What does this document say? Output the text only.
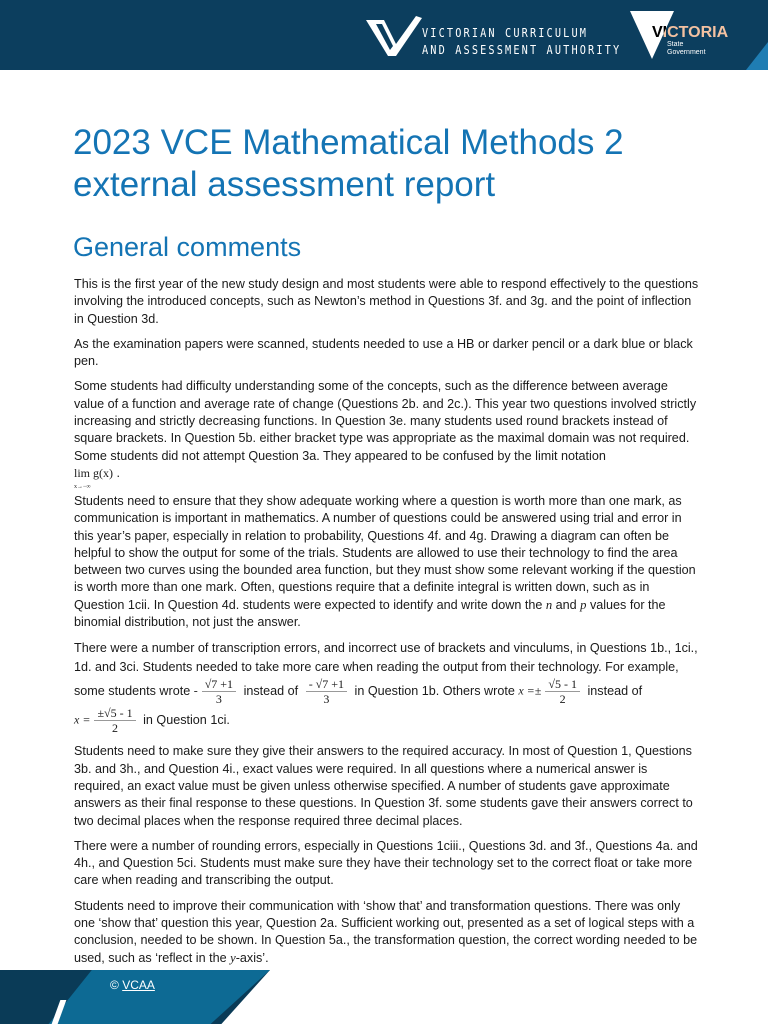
VICTORIAN CURRICULUM
AND ASSESSMENT AUTHORITY
VICTORIA
State
Government
2023 VCE Mathematical Methods 2 external assessment report
General comments

This is the first year of the new study design and most students were able to respond effectively to the questions involving the introduced concepts, such as Newton’s method in Questions 3f. and 3g. and the point of inflection in Question 3d.

As the examination papers were scanned, students needed to use a HB or darker pencil or a dark blue or black pen.

Some students had difficulty understanding some of the concepts, such as the difference between average value of a function and average rate of change (Questions 2b. and 2c.). This year two questions involved strictly increasing and strictly decreasing functions. In Question 3e. many students used round brackets instead of square brackets. In Question 5b. either bracket type was appropriate as the maximal domain was not required. Some students did not attempt Question 3a. They appeared to be confused by the limit notation
lim g(x)
x→−∞
.

Students need to ensure that they show adequate working where a question is worth more than one mark, as communication is important in mathematics. A number of questions could be answered using trial and error in this year’s paper, especially in relation to probability, Questions 4f. and 4g. Drawing a diagram can often be helpful to show the output for some of the trials. Students are allowed to use their technology to find the area between two curves using the bounded area function, but they must show some relevant working if the question is worth more than one mark. Often, questions require that a definite integral is written down, such as in Question 1cii. In Question 4d. students were expected to identify and write down the n and p values for the binomial distribution, not just the answer.

There were a number of transcription errors, and incorrect use of brackets and vinculums, in Questions 1b., 1ci., 1d. and 3ci. Students needed to take more care when reading the output from their technology. For example, some students wrote - $\frac{√7 +1}{3}$ instead of $\frac{- √7 +1}{3}$ in Question 1b. Others wrote $x =\pm \frac{√5 - 1}{2}$ instead of $x = \frac{\pm√5 - 1}{2}$ in Question 1ci.

Students need to make sure they give their answers to the required accuracy. In most of Question 1, Questions 3b. and 3h., and Question 4i., exact values were required. In all questions where a numerical answer is required, an exact value must be given unless otherwise specified. A number of students gave approximate answers as their final response to these questions. In Question 3f. some students gave their answers correct to two decimal places when the response required three decimal places.

There were a number of rounding errors, especially in Questions 1ciii., Questions 3d. and 3f., Questions 4a. and 4h., and Question 5ci. Students must make sure they have their technology set to the correct float or take more care when reading and transcribing the output.

Students need to improve their communication with ‘show that’ and transformation questions. There was only one ‘show that’ question this year, Question 2a. Sufficient working out, presented as a set of logical steps with a conclusion, needed to be shown. In Question 5a., the transformation question, the correct wording needed to be used, such as ‘reflect in the y-axis’.

© VCAA
